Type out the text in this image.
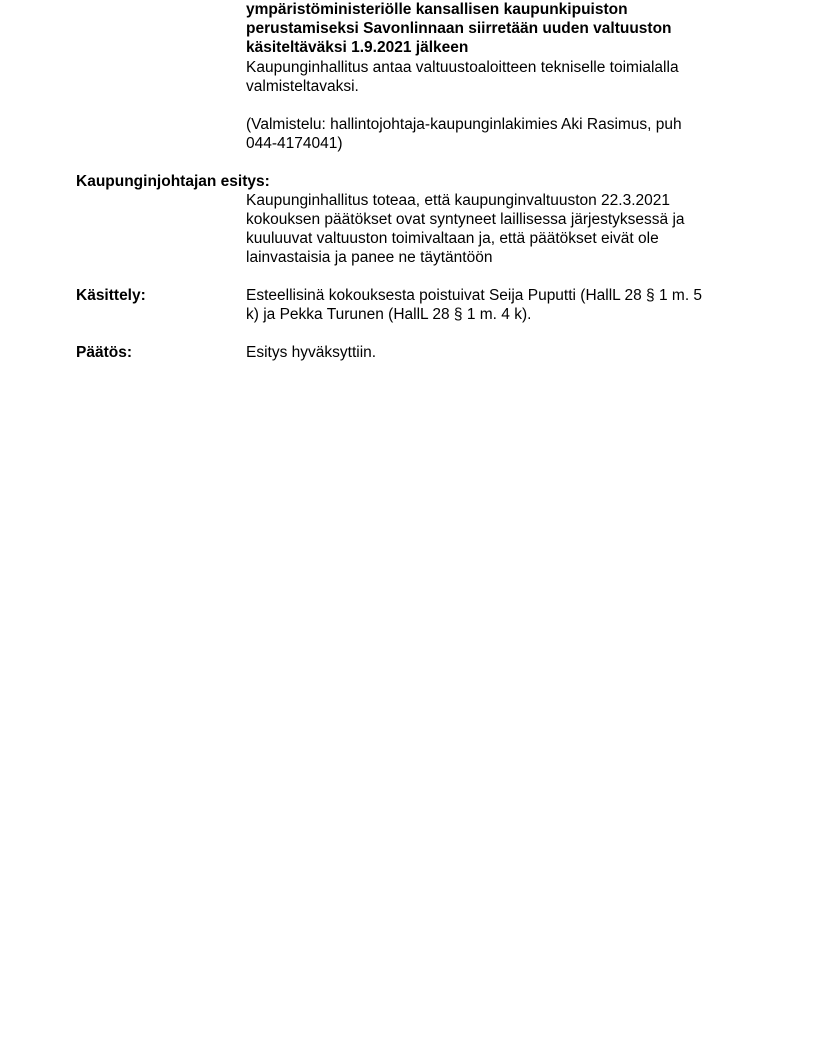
ympäristöministeriölle kansallisen kaupunkipuiston
perustamiseksi Savonlinnaan siirretään uuden valtuuston
käsiteltäväksi 1.9.2021 jälkeen
Kaupunginhallitus antaa valtuustoaloitteen tekniselle toimialalla
valmisteltavaksi.
(Valmistelu: hallintojohtaja-kaupunginlakimies Aki Rasimus, puh
044-4174041)
Kaupunginjohtajan esitys:
Kaupunginhallitus toteaa, että kaupunginvaltuuston 22.3.2021
kokouksen päätökset ovat syntyneet laillisessa järjestyksessä ja
kuuluuvat valtuuston toimivaltaan ja, että päätökset eivät ole
lainvastaisia ja panee ne täytäntöön
Käsittely:	Esteellisinä kokouksesta poistuivat Seija Puputti (HallL 28 § 1 m. 5
k) ja Pekka Turunen (HallL 28 § 1 m. 4 k).
Päätös:	Esitys hyväksyttiin.
